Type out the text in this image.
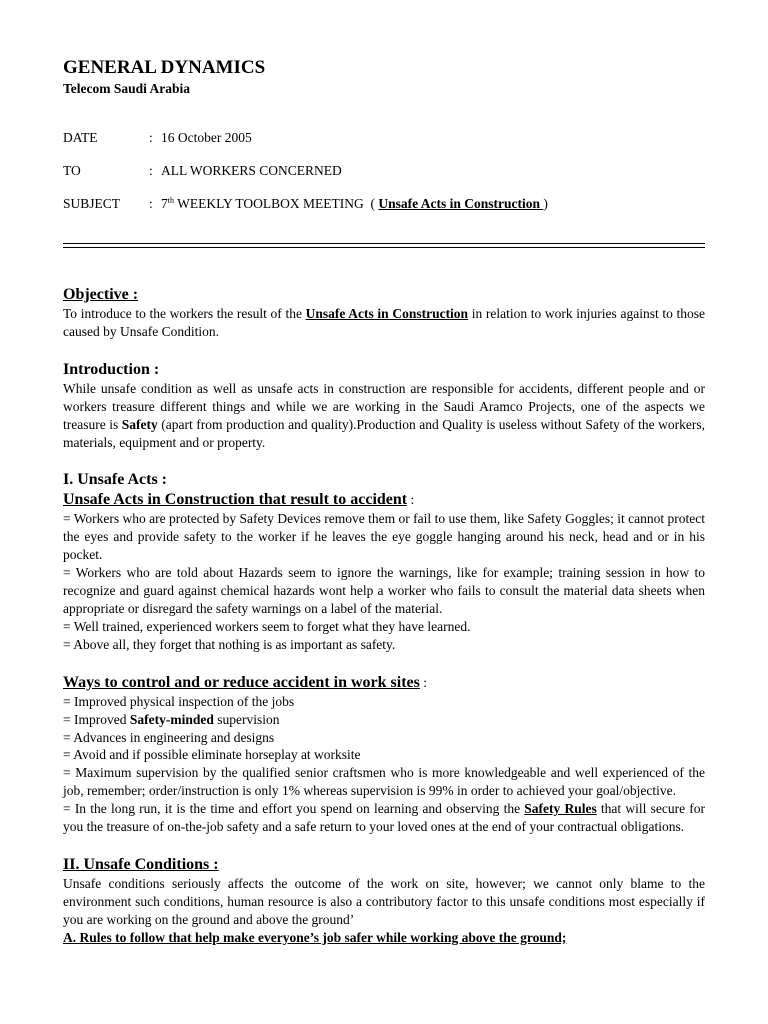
GENERAL DYNAMICS
Telecom Saudi Arabia
DATE	: 16 October 2005
TO	: ALL WORKERS CONCERNED
SUBJECT : 7th WEEKLY TOOLBOX MEETING  ( Unsafe Acts in Construction )
Objective :

To introduce to the workers the result of the Unsafe Acts in Construction in relation to work injuries against to those caused by Unsafe Condition.

Introduction :

While unsafe condition as well as unsafe acts in construction are responsible for accidents, different people and or workers treasure different things and while we are working in the Saudi Aramco Projects, one of the aspects we treasure is Safety (apart from production and quality).Production and Quality is useless without Safety of the workers, materials, equipment and or property.

I. Unsafe Acts :
Unsafe Acts in Construction that result to accident :

= Workers who are protected by Safety Devices remove them or fail to use them, like Safety Goggles; it cannot protect the eyes and provide safety to the worker if he leaves the eye goggle hanging around his neck, head and or in his pocket.

= Workers who are told about Hazards seem to ignore the warnings, like for example; training session in how to recognize and guard against chemical hazards wont help a worker who fails to consult the material data sheets when appropriate or disregard the safety warnings on a label of the material.

= Well trained, experienced workers seem to forget what they have learned.

= Above all, they forget that nothing is as important as safety.

Ways to control and or reduce accident in work sites :

= Improved physical inspection of the jobs

= Improved Safety-minded supervision

= Advances in engineering and designs

= Avoid and if possible eliminate horseplay at worksite

= Maximum supervision by the qualified senior craftsmen who is more knowledgeable and well experienced of the job, remember; order/instruction is only 1% whereas supervision is 99% in order to achieved your goal/objective.

= In the long run, it is the time and effort you spend on learning and observing the Safety Rules that will secure for you the treasure of on-the-job safety and a safe return to your loved ones at the end of your contractual obligations.

II. Unsafe Conditions :

Unsafe conditions seriously affects the outcome of the work on site, however; we cannot only blame to the environment such conditions, human resource is also a contributory factor to this unsafe conditions most especially if you are working on the ground and above the ground’

A. Rules to follow that help make everyone’s job safer while working above the ground;
